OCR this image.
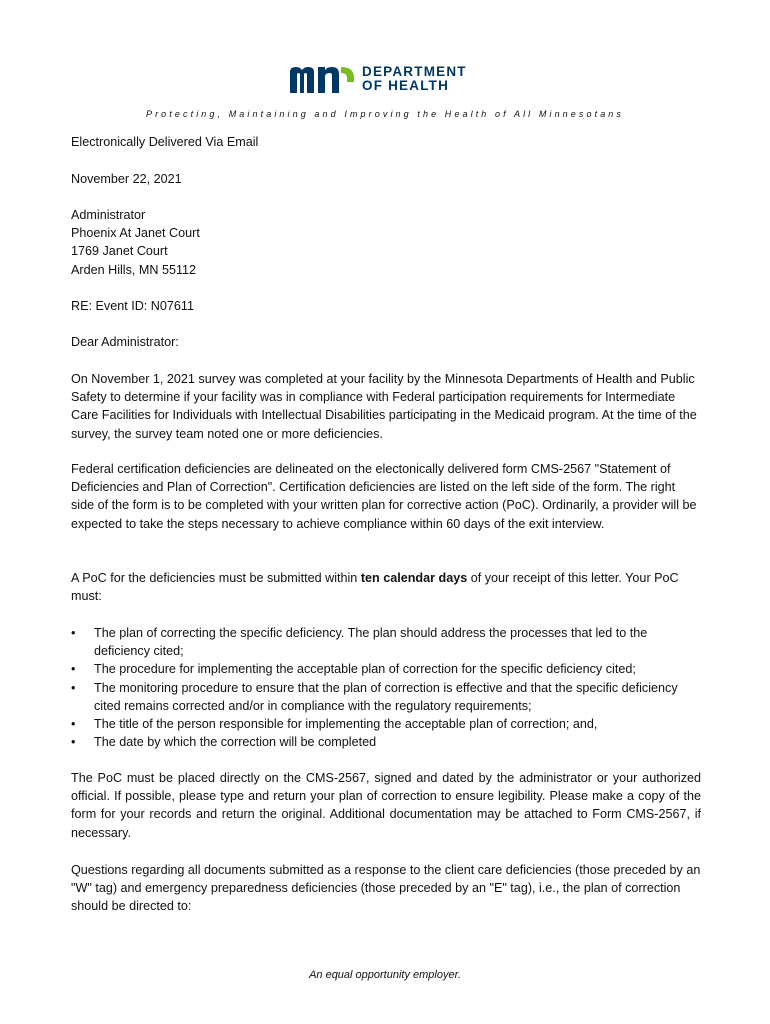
DEPARTMENT
OF HEALTH
Protecting, Maintaining and Improving the Health of All Minnesotans
Electronically Delivered Via Email
November 22, 2021
Administrator
Phoenix At Janet Court
1769 Janet Court
Arden Hills, MN 55112
RE: Event ID: N07611
Dear Administrator:
On November 1, 2021 survey was completed at your facility by the Minnesota Departments of Health and Public Safety to determine if your facility was in compliance with Federal participation requirements for Intermediate Care Facilities for Individuals with Intellectual Disabilities participating in the Medicaid program. At the time of the survey, the survey team noted one or more deficiencies.
Federal certification deficiencies are delineated on the electonically delivered form CMS-2567 "Statement of Deficiencies and Plan of Correction". Certification deficiencies are listed on the left side of the form. The right side of the form is to be completed with your written plan for corrective action (PoC). Ordinarily, a provider will be expected to take the steps necessary to achieve compliance within 60 days of the exit interview.
A PoC for the deficiencies must be submitted within ten calendar days of your receipt of this letter. Your PoC must:
• The plan of correcting the specific deficiency. The plan should address the processes that led to the deficiency cited;
• The procedure for implementing the acceptable plan of correction for the specific deficiency cited;
• The monitoring procedure to ensure that the plan of correction is effective and that the specific deficiency cited remains corrected and/or in compliance with the regulatory requirements;
• The title of the person responsible for implementing the acceptable plan of correction; and,
• The date by which the correction will be completed
The PoC must be placed directly on the CMS-2567, signed and dated by the administrator or your authorized official. If possible, please type and return your plan of correction to ensure legibility. Please make a copy of the form for your records and return the original. Additional documentation may be attached to Form CMS-2567, if necessary.
Questions regarding all documents submitted as a response to the client care deficiencies (those preceded by an "W" tag) and emergency preparedness deficiencies (those preceded by an "E" tag), i.e., the plan of correction should be directed to:
An equal opportunity employer.
